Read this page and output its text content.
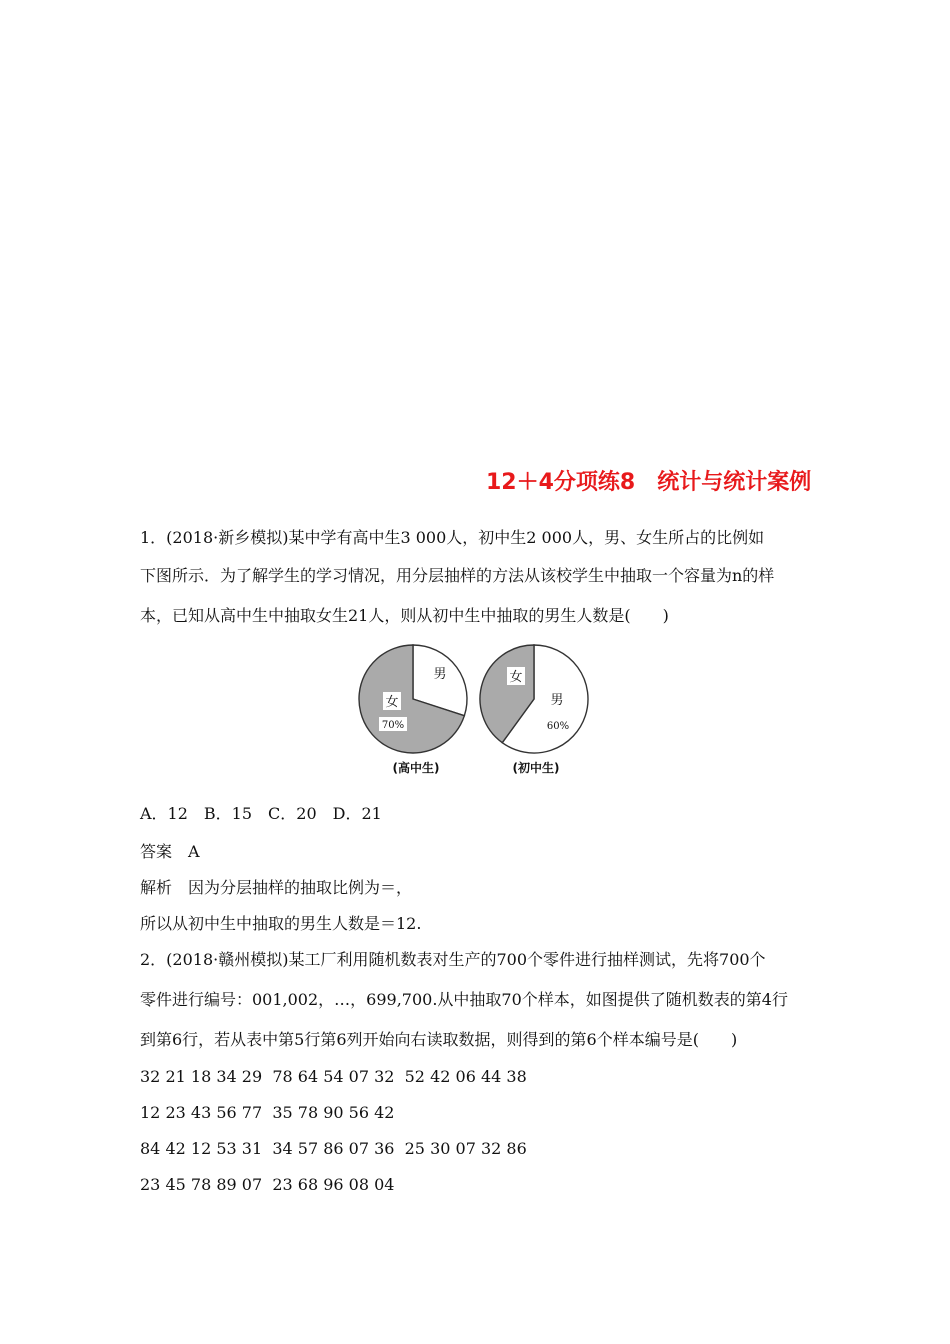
12＋4分项练8　统计与统计案例
1．(2018·新乡模拟)某中学有高中生3 000人，初中生2 000人，男、女生所占的比例如
下图所示．为了解学生的学习情况，用分层抽样的方法从该校学生中抽取一个容量为n的样
本，已知从高中生中抽取女生21人，则从初中生中抽取的男生人数是(　　)
女
70%
男
(高中生)
女
男
60%
(初中生)
A．12　B．15　C．20　D．21
答案　A
解析　因为分层抽样的抽取比例为＝，
所以从初中生中抽取的男生人数是＝12.
2．(2018·赣州模拟)某工厂利用随机数表对生产的700个零件进行抽样测试，先将700个
零件进行编号：001,002，…，699,700.从中抽取70个样本，如图提供了随机数表的第4行
到第6行，若从表中第5行第6列开始向右读取数据，则得到的第6个样本编号是(　　)
32 21 18 34 29  78 64 54 07 32  52 42 06 44 38
12 23 43 56 77  35 78 90 56 42
84 42 12 53 31  34 57 86 07 36  25 30 07 32 86
23 45 78 89 07  23 68 96 08 04
